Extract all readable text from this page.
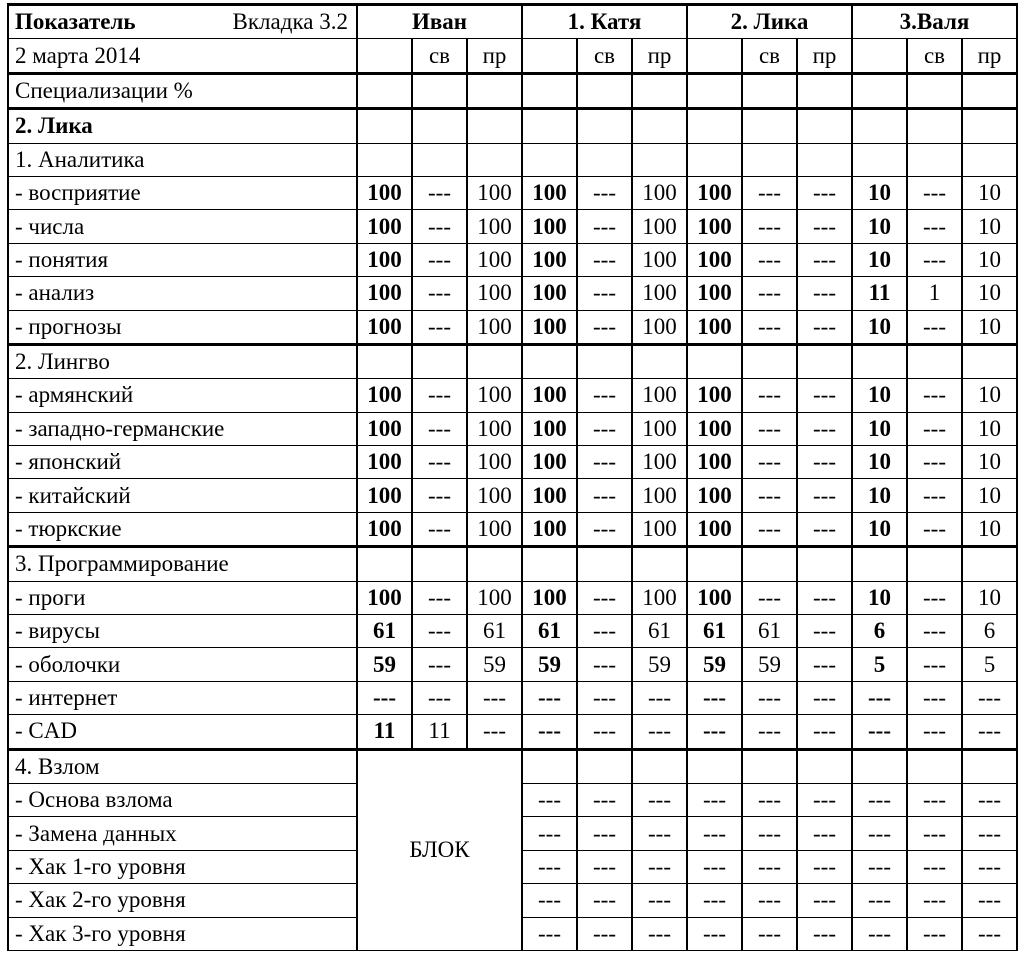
Показатель Вкладка 3.2	Иван			1. Катя			2. Лика			3.Валя		
2 марта 2014		св	пр		св	пр		св	пр		св	пр
Специализации %												
2. Лика												
1. Аналитика												
- восприятие	100	---	100	100	---	100	100	---	---	10	---	10
- числа	100	---	100	100	---	100	100	---	---	10	---	10
- понятия	100	---	100	100	---	100	100	---	---	10	---	10
- анализ	100	---	100	100	---	100	100	---	---	11	1	10
- прогнозы	100	---	100	100	---	100	100	---	---	10	---	10
2. Лингво												
- армянский	100	---	100	100	---	100	100	---	---	10	---	10
- западно-германские	100	---	100	100	---	100	100	---	---	10	---	10
- японский	100	---	100	100	---	100	100	---	---	10	---	10
- китайский	100	---	100	100	---	100	100	---	---	10	---	10
- тюркские	100	---	100	100	---	100	100	---	---	10	---	10
3. Программирование												
- проги	100	---	100	100	---	100	100	---	---	10	---	10
- вирусы	61	---	61	61	---	61	61	61	---	6	---	6
- оболочки	59	---	59	59	---	59	59	59	---	5	---	5
- интернет	---	---	---	---	---	---	---	---	---	---	---	---
- CAD	11	11	---	---	---	---	---	---	---	---	---	---
4. Взлом	БЛОК											
- Основа взлома				---	---	---	---	---	---	---	---	---
- Замена данных				---	---	---	---	---	---	---	---	---
- Хак 1-го уровня				---	---	---	---	---	---	---	---	---
- Хак 2-го уровня				---	---	---	---	---	---	---	---	---
- Хак 3-го уровня				---	---	---	---	---	---	---	---	---
